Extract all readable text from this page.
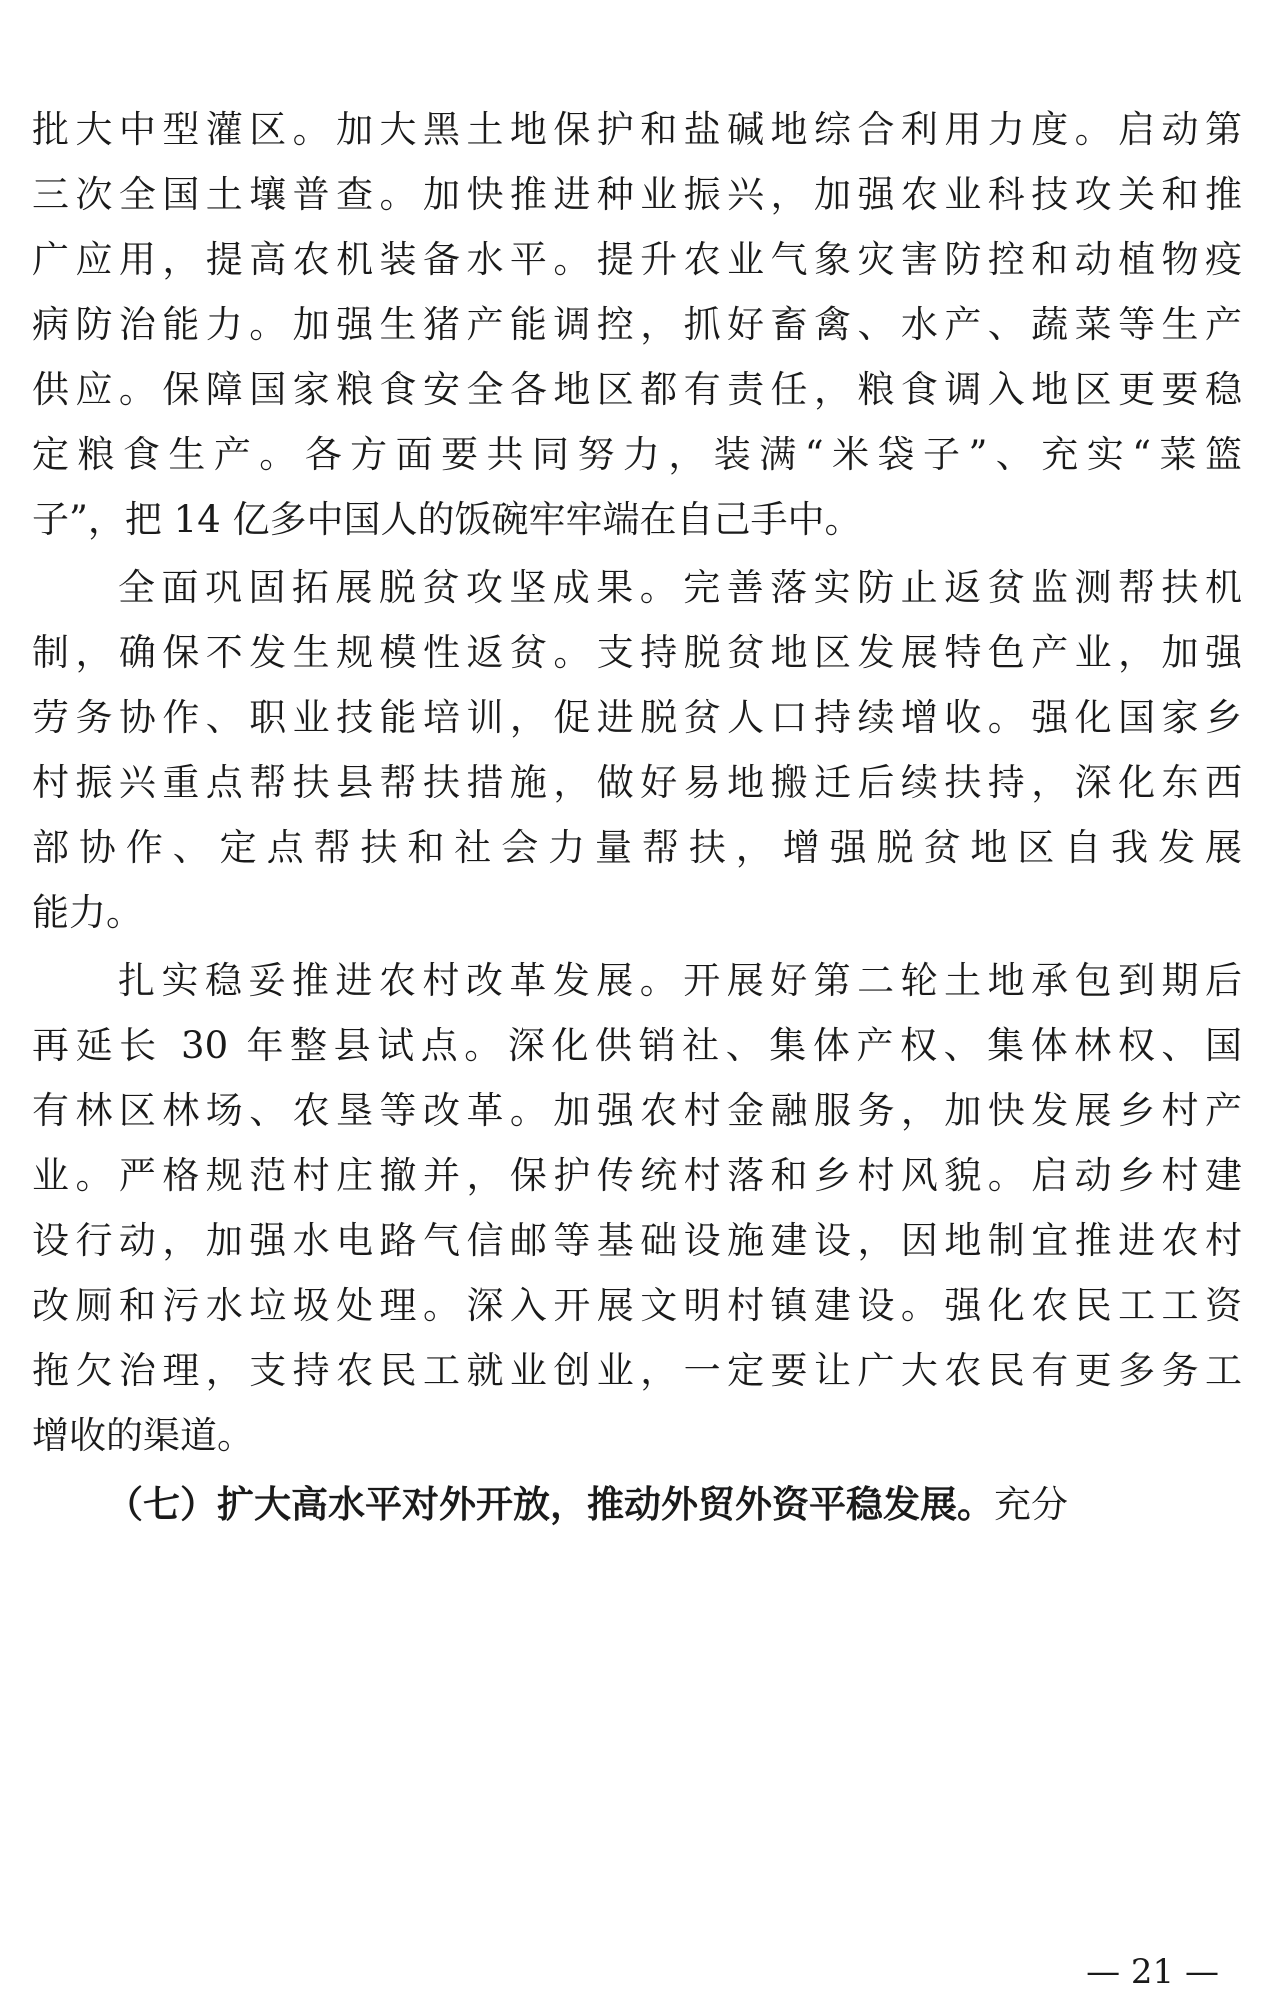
批大中型灌区。加大黑土地保护和盐碱地综合利用力度。启动第
三次全国土壤普查。加快推进种业振兴，加强农业科技攻关和推
广应用，提高农机装备水平。提升农业气象灾害防控和动植物疫
病防治能力。加强生猪产能调控，抓好畜禽、水产、蔬菜等生产
供应。保障国家粮食安全各地区都有责任，粮食调入地区更要稳
定粮食生产。各方面要共同努力，装满“米袋子”、充实“菜篮
子”，把 14 亿多中国人的饭碗牢牢端在自己手中。
全面巩固拓展脱贫攻坚成果。完善落实防止返贫监测帮扶机
制，确保不发生规模性返贫。支持脱贫地区发展特色产业，加强
劳务协作、职业技能培训，促进脱贫人口持续增收。强化国家乡
村振兴重点帮扶县帮扶措施，做好易地搬迁后续扶持，深化东西
部协作、定点帮扶和社会力量帮扶，增强脱贫地区自我发展
能力。
扎实稳妥推进农村改革发展。开展好第二轮土地承包到期后
再延长 30 年整县试点。深化供销社、集体产权、集体林权、国
有林区林场、农垦等改革。加强农村金融服务，加快发展乡村产
业。严格规范村庄撤并，保护传统村落和乡村风貌。启动乡村建
设行动，加强水电路气信邮等基础设施建设，因地制宜推进农村
改厕和污水垃圾处理。深入开展文明村镇建设。强化农民工工资
拖欠治理，支持农民工就业创业，一定要让广大农民有更多务工
增收的渠道。
（七）扩大高水平对外开放，推动外贸外资平稳发展。充分
— 21 —
